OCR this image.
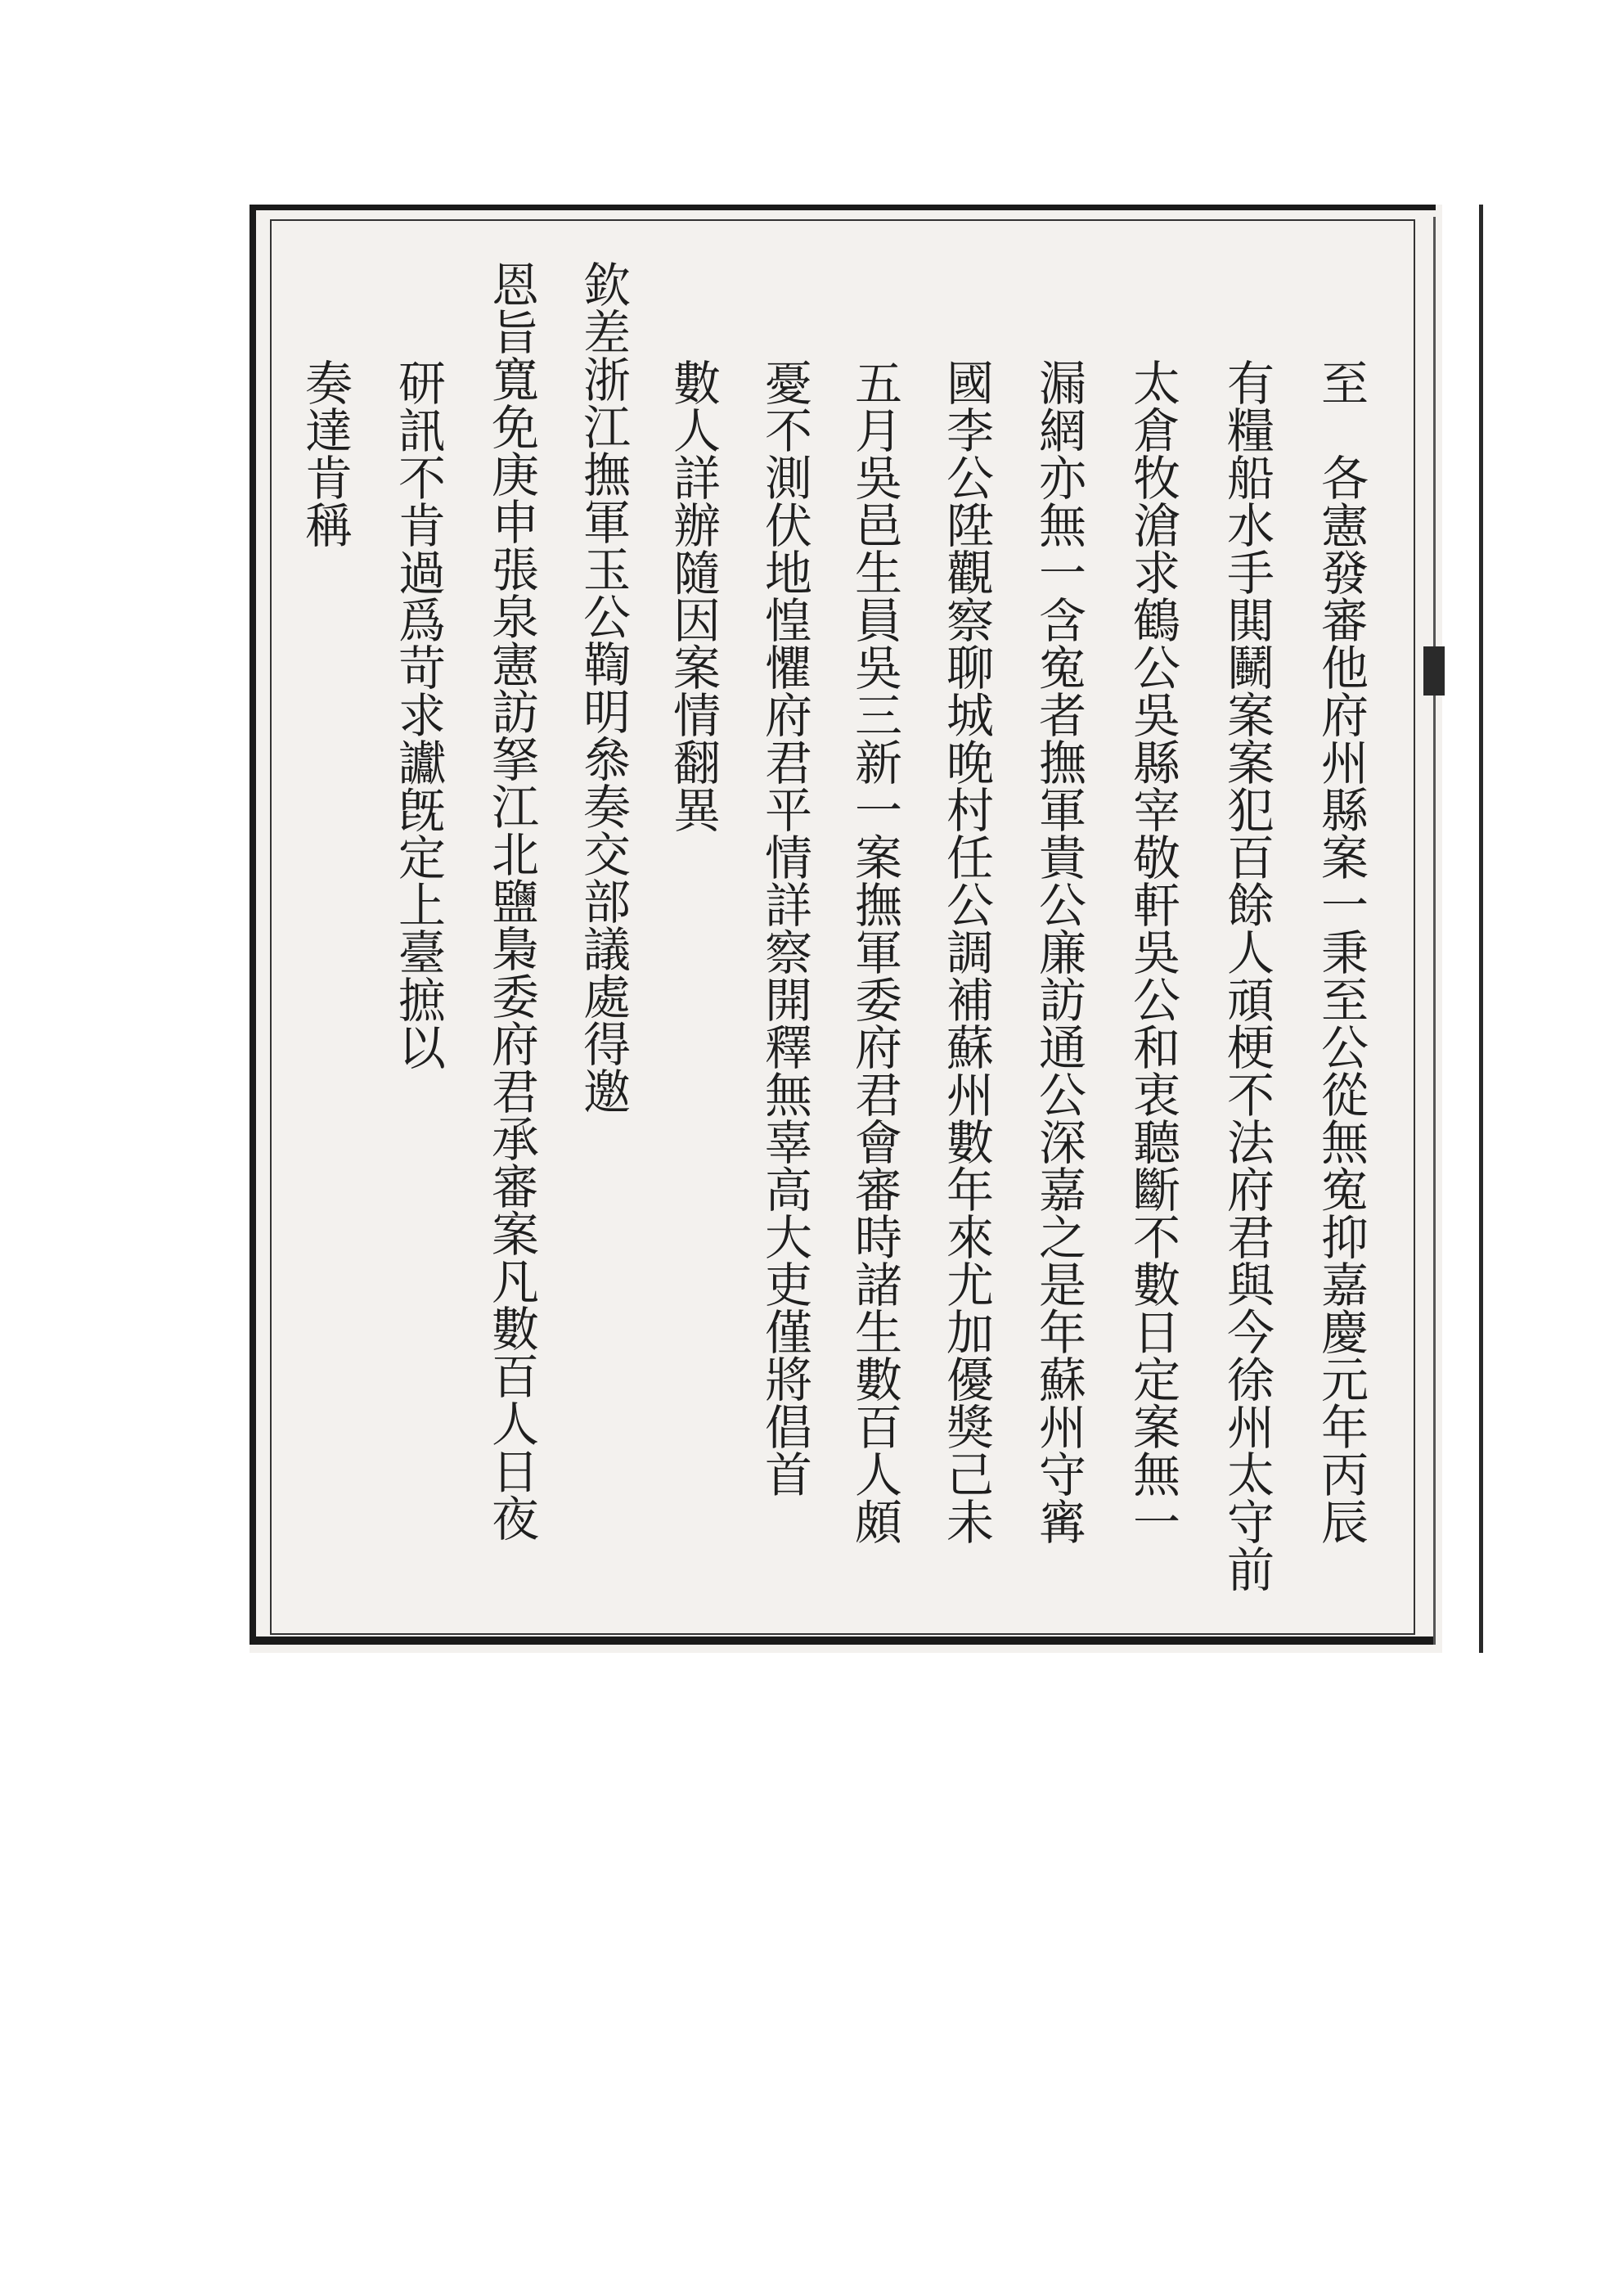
至　各憲發審他府州縣案一秉至公從無寃抑嘉慶元年丙辰
有糧船水手閧鬭案案犯百餘人頑梗不法府君與今徐州太守前
太倉牧滄求鶴公吳縣宰敬軒吳公和衷聽斷不數日定案無一
漏網亦無一含寃者撫軍貴公廉訪通公深嘉之是年蘇州守寗
國李公陞觀察聊城晚村任公調補蘇州數年來尤加優獎己未
五月吳邑生員吳三新一案撫軍委府君會審時諸生數百人頗
憂不測伏地惶懼府君平情詳察開釋無辜高大吏僅將倡首
數人詳辦隨因案情翻異
欽差浙江撫軍玉公鞫明叅奏交部議處得邀
恩旨寬免庚申張泉憲訪拏江北鹽梟委府君承審案凡數百人日夜
研訊不肯過爲苛求讞旣定上臺摭以
奏達肯稱
